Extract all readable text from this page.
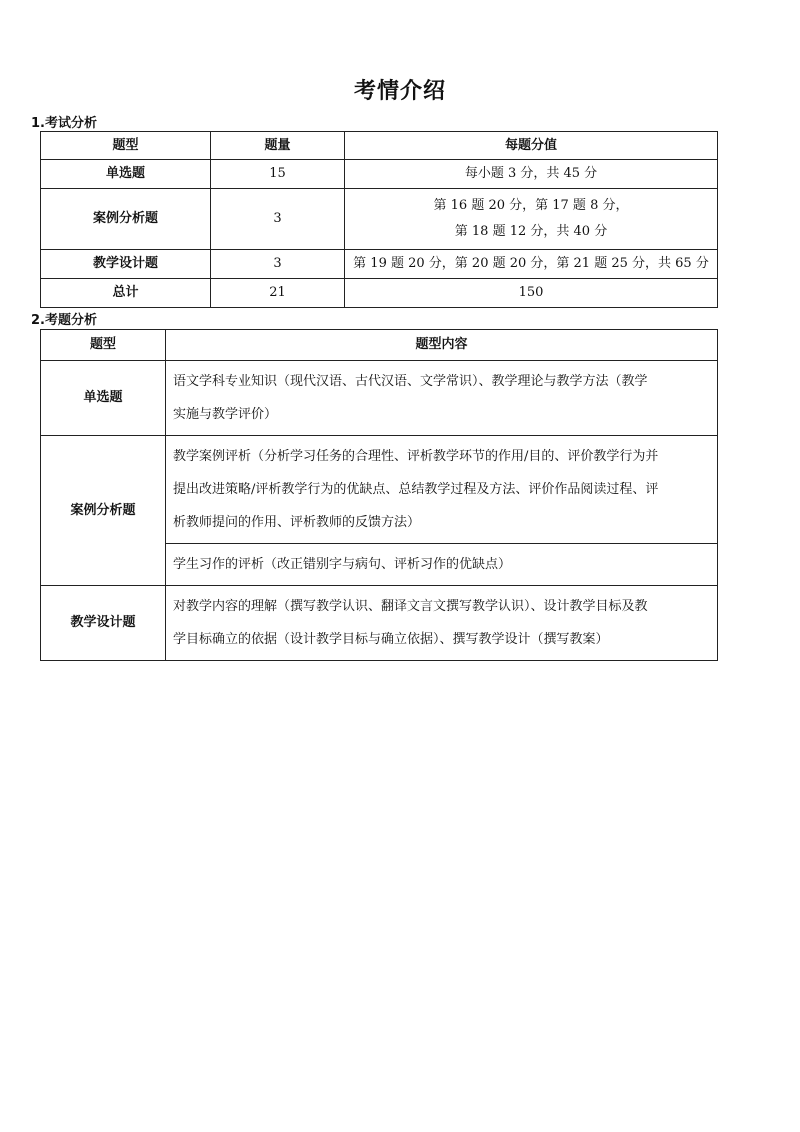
考情介绍
1.考试分析
题型	题量	每题分值
单选题	15	每小题 3 分，共 45 分

案例分析题	3	第 16 题 20 分，第 17 题 8 分，
第 18 题 12 分，共 40 分

教学设计题	3	第 19 题 20 分，第 20 题 20 分，第 21 题 25 分，共 65 分

总计	21	150
2.考题分析
题型	题型内容
单选题	语文学科专业知识（现代汉语、古代汉语、文学常识）、教学理论与教学方法（教学
实施与教学评价）

案例分析题	教学案例评析（分析学习任务的合理性、评析教学环节的作用/目的、评价教学行为并
提出改进策略/评析教学行为的优缺点、总结教学过程及方法、评价作品阅读过程、评
析教师提问的作用、评析教师的反馈方法）

	学生习作的评析（改正错别字与病句、评析习作的优缺点）

教学设计题	对教学内容的理解（撰写教学认识、翻译文言文撰写教学认识）、设计教学目标及教
学目标确立的依据（设计教学目标与确立依据）、撰写教学设计（撰写教案）
